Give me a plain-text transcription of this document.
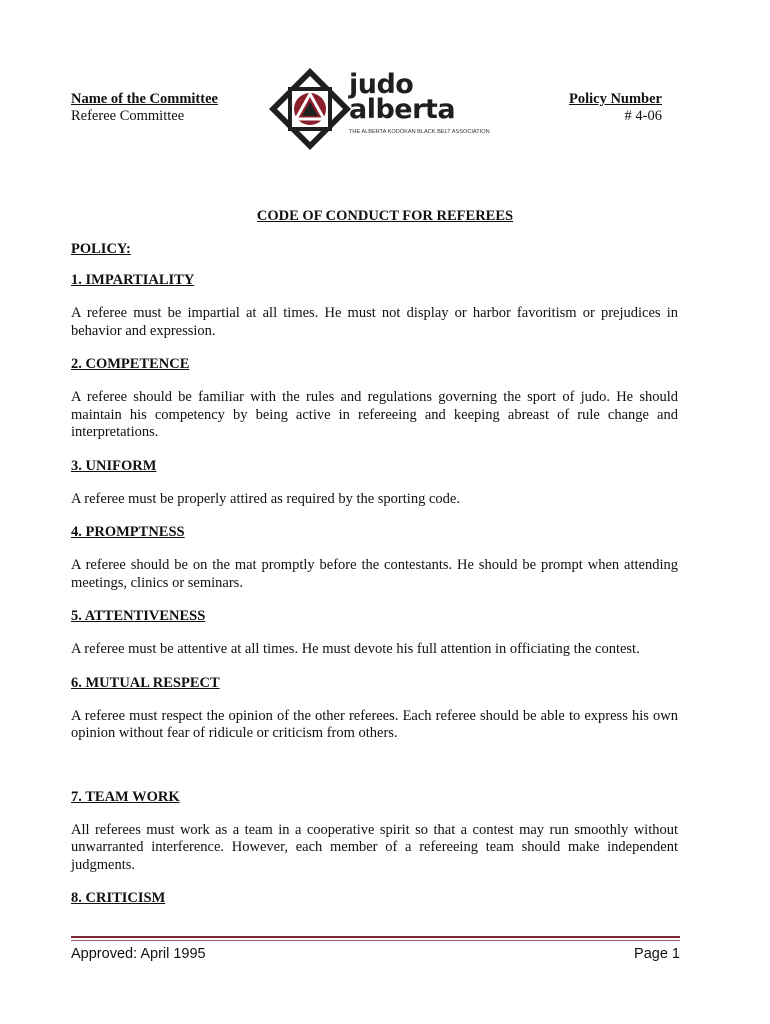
Name of the Committee
Referee Committee
judo
alberta
THE ALBERTA KODOKAN BLACK BELT ASSOCIATION
Policy Number
# 4-06
CODE OF CONDUCT FOR REFEREES
POLICY:
1. IMPARTIALITY

A referee must be impartial at all times. He must not display or harbor favoritism or prejudices in behavior and expression.

2. COMPETENCE

A referee should be familiar with the rules and regulations governing the sport of judo. He should maintain his competency by being active in refereeing and keeping abreast of rule change and interpretations.

3. UNIFORM

A referee must be properly attired as required by the sporting code.

4. PROMPTNESS

A referee should be on the mat promptly before the contestants. He should be prompt when attending meetings, clinics or seminars.

5. ATTENTIVENESS

A referee must be attentive at all times. He must devote his full attention in officiating the contest.

6. MUTUAL RESPECT

A referee must respect the opinion of the other referees. Each referee should be able to express his own opinion without fear of ridicule or criticism from others.

7. TEAM WORK

All referees must work as a team in a cooperative spirit so that a contest may run smoothly without unwarranted interference. However, each member of a refereeing team should make independent judgments.

8. CRITICISM
Approved: April 1995	Page 1
